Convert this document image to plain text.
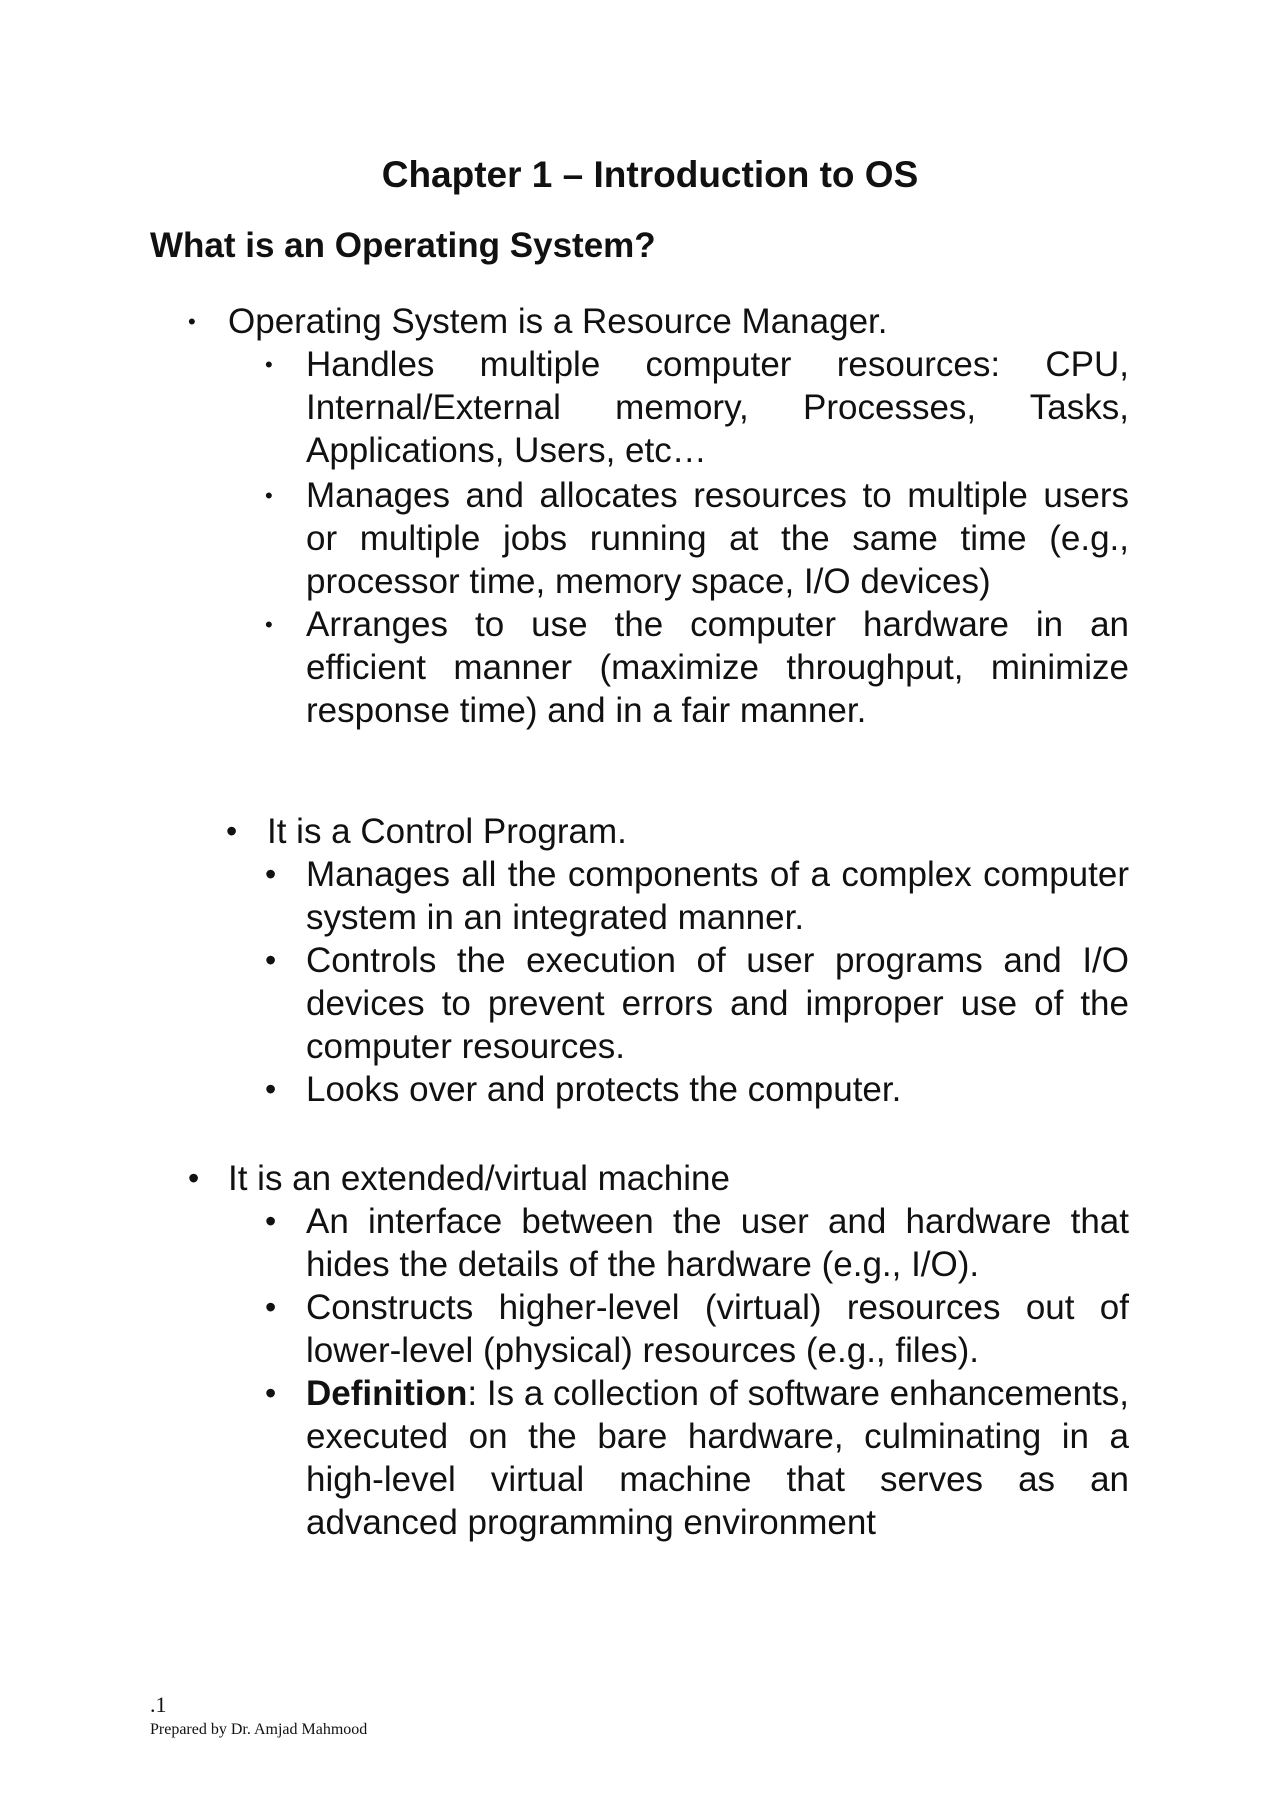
Chapter 1 – Introduction to OS
What is an Operating System?
• Operating System is a Resource Manager.
• Handles multiple computer resources: CPU, Internal/External memory, Processes, Tasks, Applications, Users, etc…
• Manages and allocates resources to multiple users or multiple jobs running at the same time (e.g., processor time, memory space, I/O devices)
• Arranges to use the computer hardware in an efficient manner (maximize throughput, minimize response time) and in a fair manner.
• It is a Control Program.
• Manages all the components of a complex computer system in an integrated manner.
• Controls the execution of user programs and I/O devices to prevent errors and improper use of the computer resources.
• Looks over and protects the computer.
• It is an extended/virtual machine
• An interface between the user and hardware that hides the details of the hardware (e.g., I/O).
• Constructs higher-level (virtual) resources out of lower-level (physical) resources (e.g., files).
• Definition: Is a collection of software enhancements, executed on the bare hardware, culminating in a high-level virtual machine that serves as an advanced programming environment
.1
Prepared by Dr. Amjad Mahmood
